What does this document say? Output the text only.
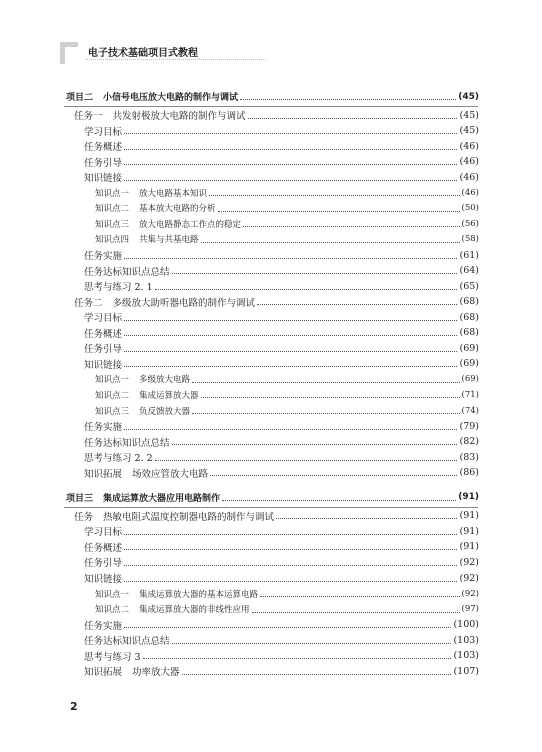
电子技术基础项目式教程
项目二 小信号电压放大电路的制作与调试	(45)
任务一 共发射极放大电路的制作与调试	(45)
学习目标	(45)
任务概述	(46)
任务引导	(46)
知识链接	(46)
知识点一 放大电路基本知识	(46)
知识点二 基本放大电路的分析	(50)
知识点三 放大电路静态工作点的稳定	(56)
知识点四 共集与共基电路	(58)
任务实施	(61)
任务达标知识点总结	(64)
思考与练习 2. 1	(65)
任务二 多级放大助听器电路的制作与调试	(68)
学习目标	(68)
任务概述	(68)
任务引导	(69)
知识链接	(69)
知识点一 多级放大电路	(69)
知识点二 集成运算放大器	(71)
知识点三 负反馈放大器	(74)
任务实施	(79)
任务达标知识点总结	(82)
思考与练习 2. 2	(83)
知识拓展 场效应管放大电路	(86)
项目三 集成运算放大器应用电路制作	(91)
任务 热敏电阻式温度控制器电路的制作与调试	(91)
学习目标	(91)
任务概述	(91)
任务引导	(92)
知识链接	(92)
知识点一 集成运算放大器的基本运算电路	(92)
知识点二 集成运算放大器的非线性应用	(97)
任务实施	(100)
任务达标知识点总结	(103)
思考与练习 3	(103)
知识拓展 功率放大器	(107)
2
